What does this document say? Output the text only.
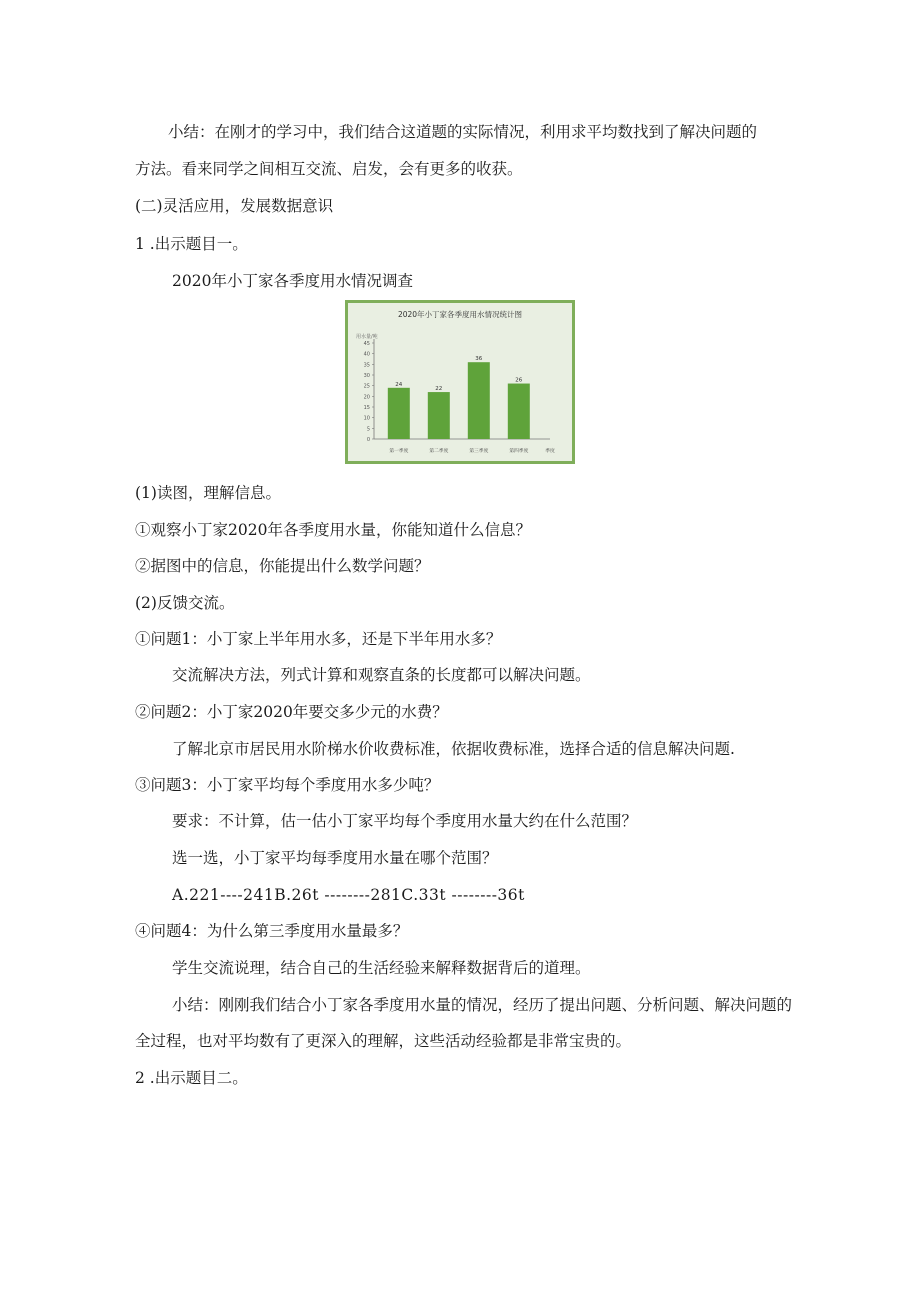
小结：在刚才的学习中，我们结合这道题的实际情况，利用求平均数找到了解决问题的

方法。看来同学之间相互交流、启发，会有更多的收获。

(二)灵活应用，发展数据意识

1 .出示题目一。

2020年小丁家各季度用水情况调查

2020年小丁家各季度用水情况统计图
用水量/吨
0
5
10
15
20
25
30
35
40
45
24
第一季度
22
第二季度
36
第三季度
26
第四季度	季度

(1)读图，理解信息。

①观察小丁家2020年各季度用水量，你能知道什么信息？

②据图中的信息，你能提出什么数学问题？

(2)反馈交流。

①问题1：小丁家上半年用水多，还是下半年用水多？

交流解决方法，列式计算和观察直条的长度都可以解决问题。

②问题2：小丁家2020年要交多少元的水费？

了解北京市居民用水阶梯水价收费标准，依据收费标准，选择合适的信息解决问题.

③问题3：小丁家平均每个季度用水多少吨？

要求：不计算，估一估小丁家平均每个季度用水量大约在什么范围？

选一选，小丁家平均每季度用水量在哪个范围？

A.221----241B.26t --------281C.33t --------36t

④问题4：为什么第三季度用水量最多？

学生交流说理，结合自己的生活经验来解释数据背后的道理。

小结：刚刚我们结合小丁家各季度用水量的情况，经历了提出问题、分析问题、解决问题的

全过程，也对平均数有了更深入的理解，这些活动经验都是非常宝贵的。

2 .出示题目二。
